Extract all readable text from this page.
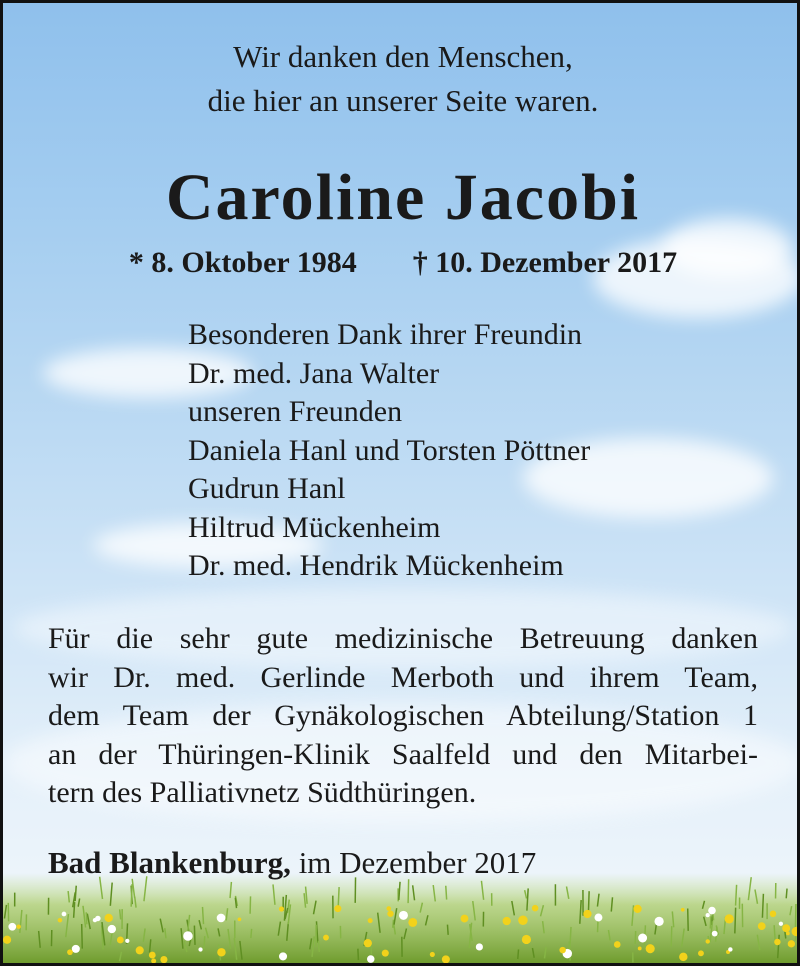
Wir danken den Menschen,
die hier an unserer Seite waren.
Caroline Jacobi
* 8. Oktober 1984 † 10. Dezember 2017
Besonderen Dank ihrer Freundin
Dr. med. Jana Walter
unseren Freunden
Daniela Hanl und Torsten Pöttner
Gudrun Hanl
Hiltrud Mückenheim
Dr. med. Hendrik Mückenheim
Für die sehr gute medizinische Betreuung danken
wir Dr. med. Gerlinde Merboth und ihrem Team,
dem Team der Gynäkologischen Abteilung/Station 1
an der Thüringen-Klinik Saalfeld und den Mitarbei-
tern des Palliativnetz Südthüringen.
Bad Blankenburg, im Dezember 2017
